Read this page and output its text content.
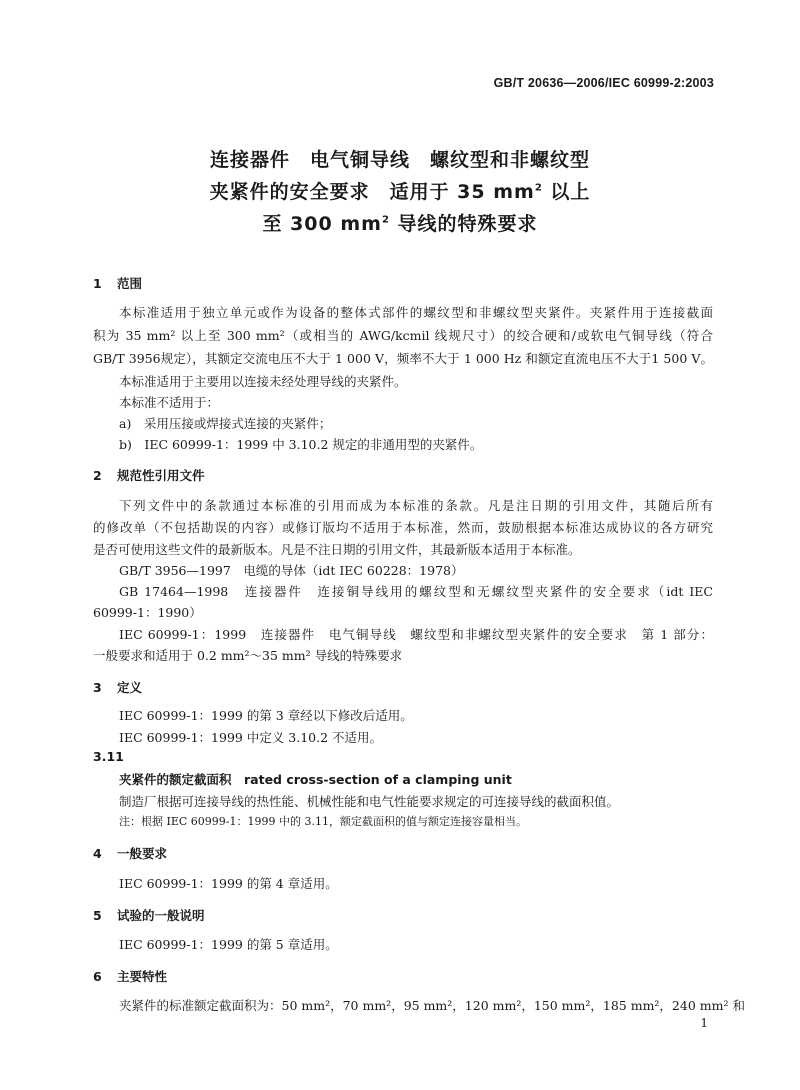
GB/T 20636—2006/IEC 60999-2:2003
连接器件　电气铜导线　螺纹型和非螺纹型
夹紧件的安全要求　适用于 35 $mm^2$ 以上
至 300 $mm^2$ 导线的特殊要求
1 范围
本标准适用于独立单元或作为设备的整体式部件的螺纹型和非螺纹型夹紧件。夹紧件用于连接截面
积为 35 mm² 以上至 300 mm²（或相当的 AWG/kcmil 线规尺寸）的绞合硬和/或软电气铜导线（符合
GB/T 3956规定），其额定交流电压不大于 1 000 V，频率不大于 1 000 Hz 和额定直流电压不大于1 500 V。
本标准适用于主要用以连接未经处理导线的夹紧件。
本标准不适用于：
a)　采用压接或焊接式连接的夹紧件；
b)　IEC 60999-1：1999 中 3.10.2 规定的非通用型的夹紧件。
2 规范性引用文件
下列文件中的条款通过本标准的引用而成为本标准的条款。凡是注日期的引用文件，其随后所有
的修改单（不包括勘误的内容）或修订版均不适用于本标准，然而，鼓励根据本标准达成协议的各方研究
是否可使用这些文件的最新版本。凡是不注日期的引用文件，其最新版本适用于本标准。
GB/T 3956—1997　电缆的导体（idt IEC 60228：1978）
GB 17464—1998　连接器件　连接铜导线用的螺纹型和无螺纹型夹紧件的安全要求（idt IEC
60999-1：1990）
IEC 60999-1：1999　连接器件　电气铜导线　螺纹型和非螺纹型夹紧件的安全要求　第 1 部分：
一般要求和适用于 0.2 mm²～35 mm² 导线的特殊要求
3 定义
IEC 60999-1：1999 的第 3 章经以下修改后适用。
IEC 60999-1：1999 中定义 3.10.2 不适用。
3.11
夹紧件的额定截面积　rated cross-section of a clamping unit
制造厂根据可连接导线的热性能、机械性能和电气性能要求规定的可连接导线的截面积值。
注：根据 IEC 60999-1：1999 中的 3.11，额定截面积的值与额定连接容量相当。
4 一般要求
IEC 60999-1：1999 的第 4 章适用。
5 试验的一般说明
IEC 60999-1：1999 的第 5 章适用。
6 主要特性
夹紧件的标准额定截面积为：50 mm²，70 mm²，95 mm²，120 mm²，150 mm²，185 mm²，240 mm² 和
1
